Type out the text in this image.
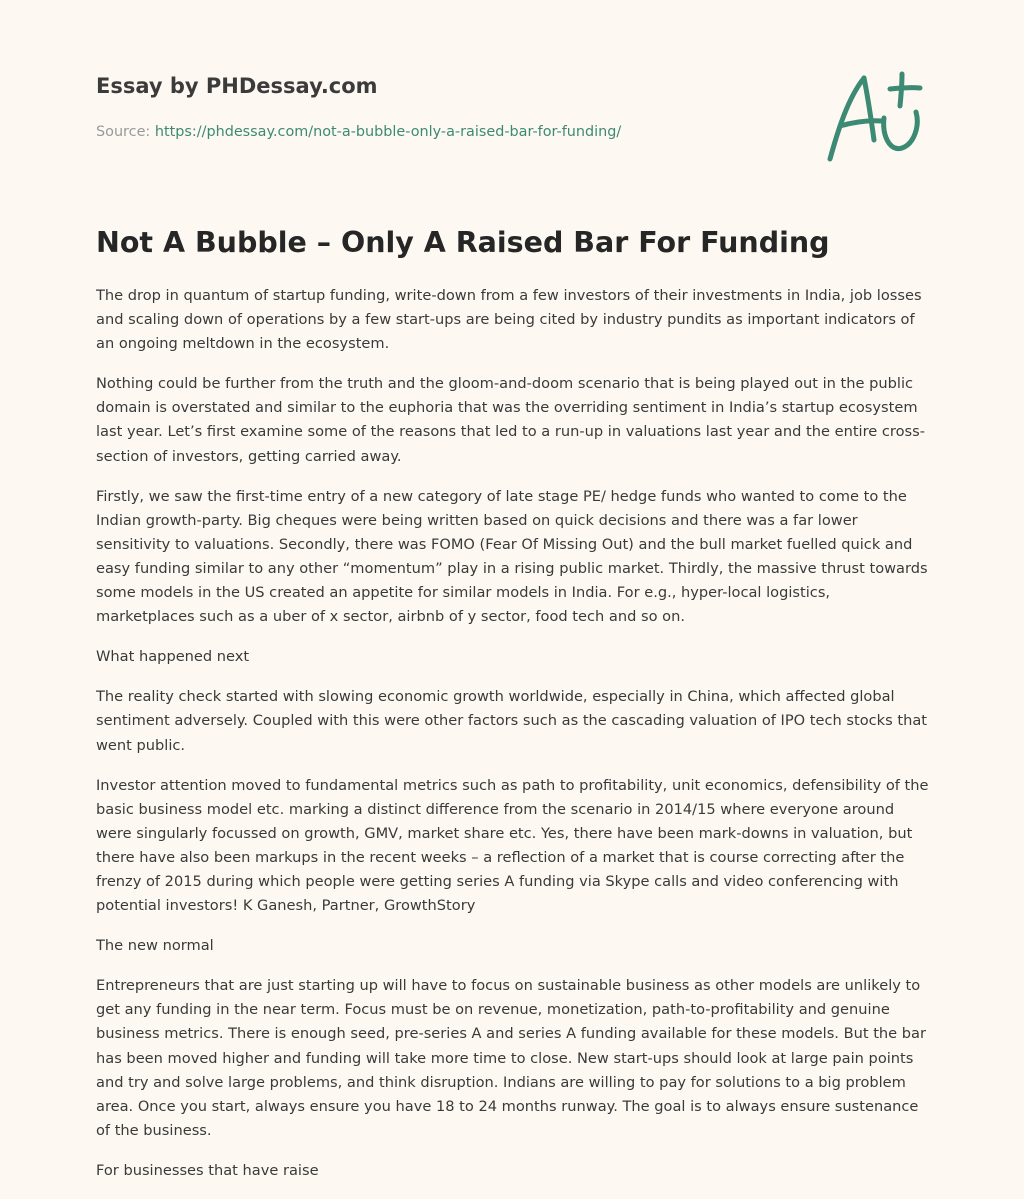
Essay by PHDessay.com
Source: https://phdessay.com/not-a-bubble-only-a-raised-bar-for-funding/
Not A Bubble – Only A Raised Bar For Funding

The drop in quantum of startup funding, write-down from a few investors of their investments in India, job losses and scaling down of operations by a few start-ups are being cited by industry pundits as important indicators of an ongoing meltdown in the ecosystem.

Nothing could be further from the truth and the gloom-and-doom scenario that is being played out in the public domain is overstated and similar to the euphoria that was the overriding sentiment in India’s startup ecosystem last year. Let’s first examine some of the reasons that led to a run-up in valuations last year and the entire cross-section of investors, getting carried away.

Firstly, we saw the first-time entry of a new category of late stage PE/ hedge funds who wanted to come to the Indian growth-party. Big cheques were being written based on quick decisions and there was a far lower sensitivity to valuations. Secondly, there was FOMO (Fear Of Missing Out) and the bull market fuelled quick and easy funding similar to any other “momentum” play in a rising public market. Thirdly, the massive thrust towards some models in the US created an appetite for similar models in India. For e.g., hyper-local logistics, marketplaces such as a uber of x sector, airbnb of y sector, food tech and so on.

What happened next

The reality check started with slowing economic growth worldwide, especially in China, which affected global sentiment adversely. Coupled with this were other factors such as the cascading valuation of IPO tech stocks that went public.

Investor attention moved to fundamental metrics such as path to profitability, unit economics, defensibility of the basic business model etc. marking a distinct difference from the scenario in 2014/15 where everyone around were singularly focussed on growth, GMV, market share etc. Yes, there have been mark-downs in valuation, but there have also been markups in the recent weeks – a reflection of a market that is course correcting after the frenzy of 2015 during which people were getting series A funding via Skype calls and video conferencing with potential investors! K Ganesh, Partner, GrowthStory

The new normal

Entrepreneurs that are just starting up will have to focus on sustainable business as other models are unlikely to get any funding in the near term. Focus must be on revenue, monetization, path-to-profitability and genuine business metrics. There is enough seed, pre-series A and series A funding available for these models. But the bar has been moved higher and funding will take more time to close. New start-ups should look at large pain points and try and solve large problems, and think disruption. Indians are willing to pay for solutions to a big problem area. Once you start, always ensure you have 18 to 24 months runway. The goal is to always ensure sustenance of the business.

For businesses that have raise
